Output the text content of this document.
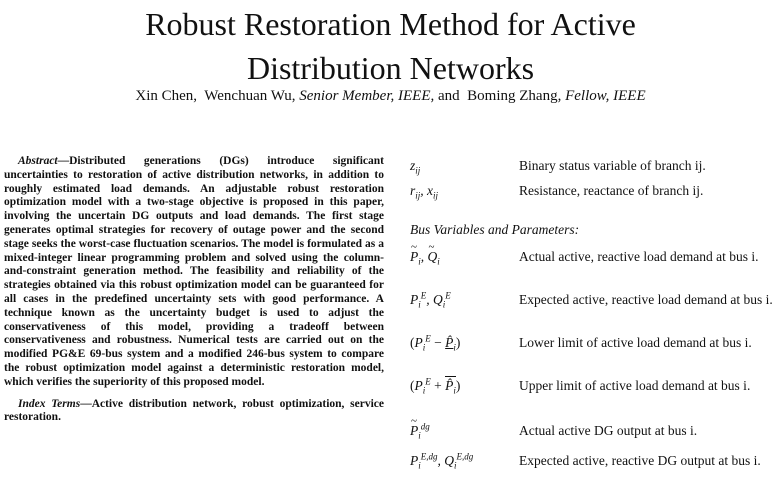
Robust Restoration Method for Active
Distribution Networks
Xin Chen, Wenchuan Wu, Senior Member, IEEE, and Boming Zhang, Fellow, IEEE
Abstract—Distributed generations (DGs) introduce significant uncertainties to restoration of active distribution networks, in addition to roughly estimated load demands. An adjustable robust restoration optimization model with a two-stage objective is proposed in this paper, involving the uncertain DG outputs and load demands. The first stage generates optimal strategies for recovery of outage power and the second stage seeks the worst-case fluctuation scenarios. The model is formulated as a mixed-integer linear programming problem and solved using the column-and-constraint generation method. The feasibility and reliability of the strategies obtained via this robust optimization model can be guaranteed for all cases in the predefined uncertainty sets with good performance. A technique known as the uncertainty budget is used to adjust the conservativeness of this model, providing a tradeoff between conservativeness and robustness. Numerical tests are carried out on the modified PG&E 69-bus system and a modified 246-bus system to compare the robust optimization model against a deterministic restoration model, which verifies the superiority of this proposed model.
Index Terms—Active distribution network, robust optimization, service restoration.
$z_{ij}$	Binary status variable of branch ij.
$r_{ij}$, $x_{ij}$	Resistance, reactance of branch ij.
Bus Variables and Parameters:
~ $P_i$, ~ $Q_i$	Actual active, reactive load demand at bus i.
$P_i^E$, $Q_i^E$	Expected active, reactive load demand at bus i.
($P_i^E$ − $P̂_i$)	Lower limit of active load demand at bus i.
($P_i^E$ + $P̂_i$)	Upper limit of active load demand at bus i.
~ $P_i^{dg}$	Actual active DG output at bus i.
$P_i^{E,dg}$, $Q_i^{E,dg}$	Expected active, reactive DG output at bus i.
